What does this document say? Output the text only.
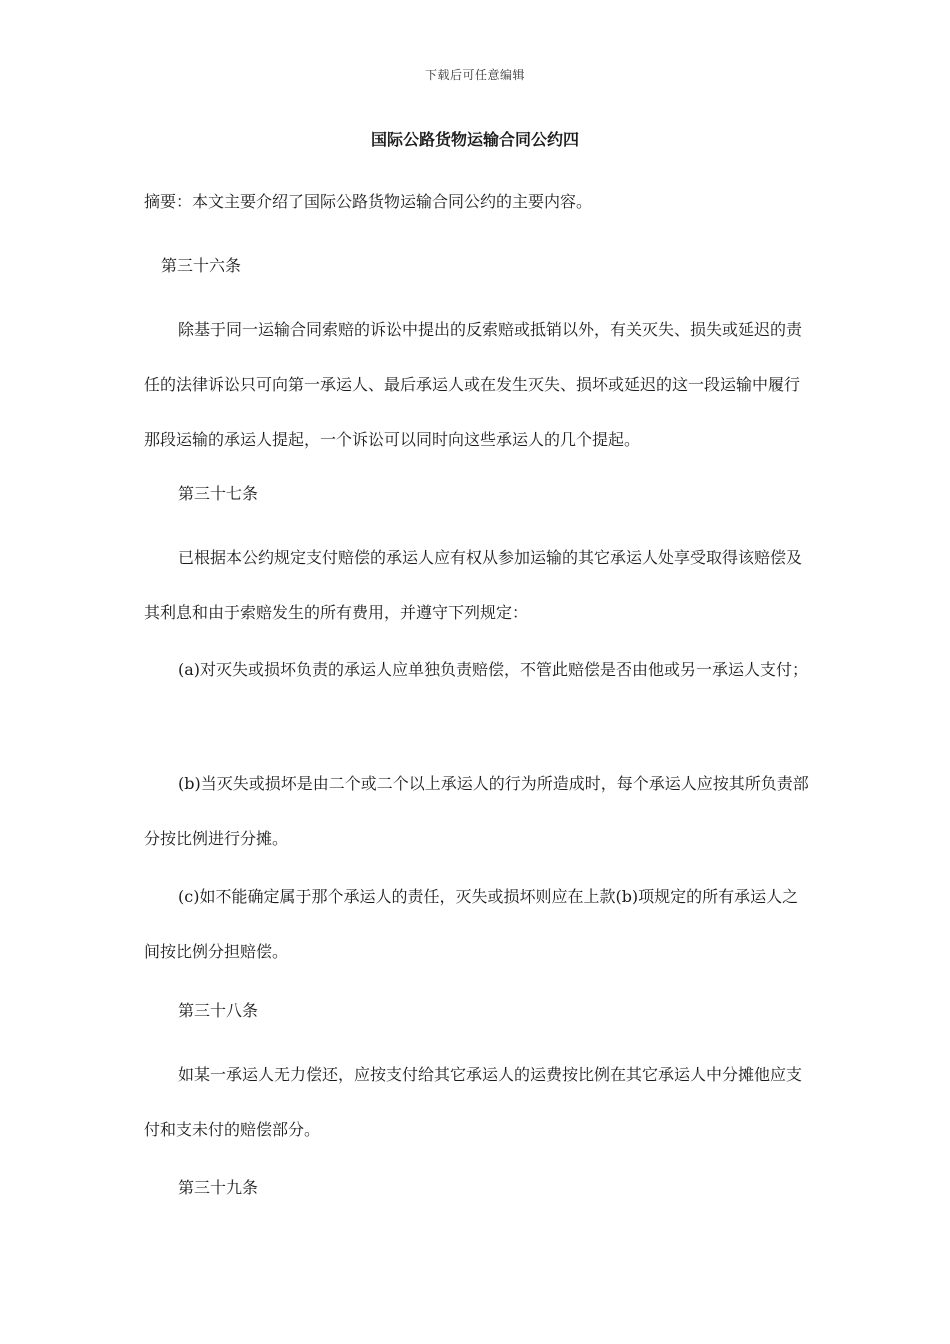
下载后可任意编辑
国际公路货物运输合同公约四

摘要：本文主要介绍了国际公路货物运输合同公约的主要内容。

第三十六条

除基于同一运输合同索赔的诉讼中提出的反索赔或抵销以外，有关灭失、损失或延迟的责任的法律诉讼只可向第一承运人、最后承运人或在发生灭失、损坏或延迟的这一段运输中履行那段运输的承运人提起，一个诉讼可以同时向这些承运人的几个提起。

第三十七条

已根据本公约规定支付赔偿的承运人应有权从参加运输的其它承运人处享受取得该赔偿及其利息和由于索赔发生的所有费用，并遵守下列规定：

(a)对灭失或损坏负责的承运人应单独负责赔偿，不管此赔偿是否由他或另一承运人支付；

(b)当灭失或损坏是由二个或二个以上承运人的行为所造成时，每个承运人应按其所负责部分按比例进行分摊。

(c)如不能确定属于那个承运人的责任，灭失或损坏则应在上款(b)项规定的所有承运人之间按比例分担赔偿。

第三十八条

如某一承运人无力偿还，应按支付给其它承运人的运费按比例在其它承运人中分摊他应支付和支未付的赔偿部分。

第三十九条
